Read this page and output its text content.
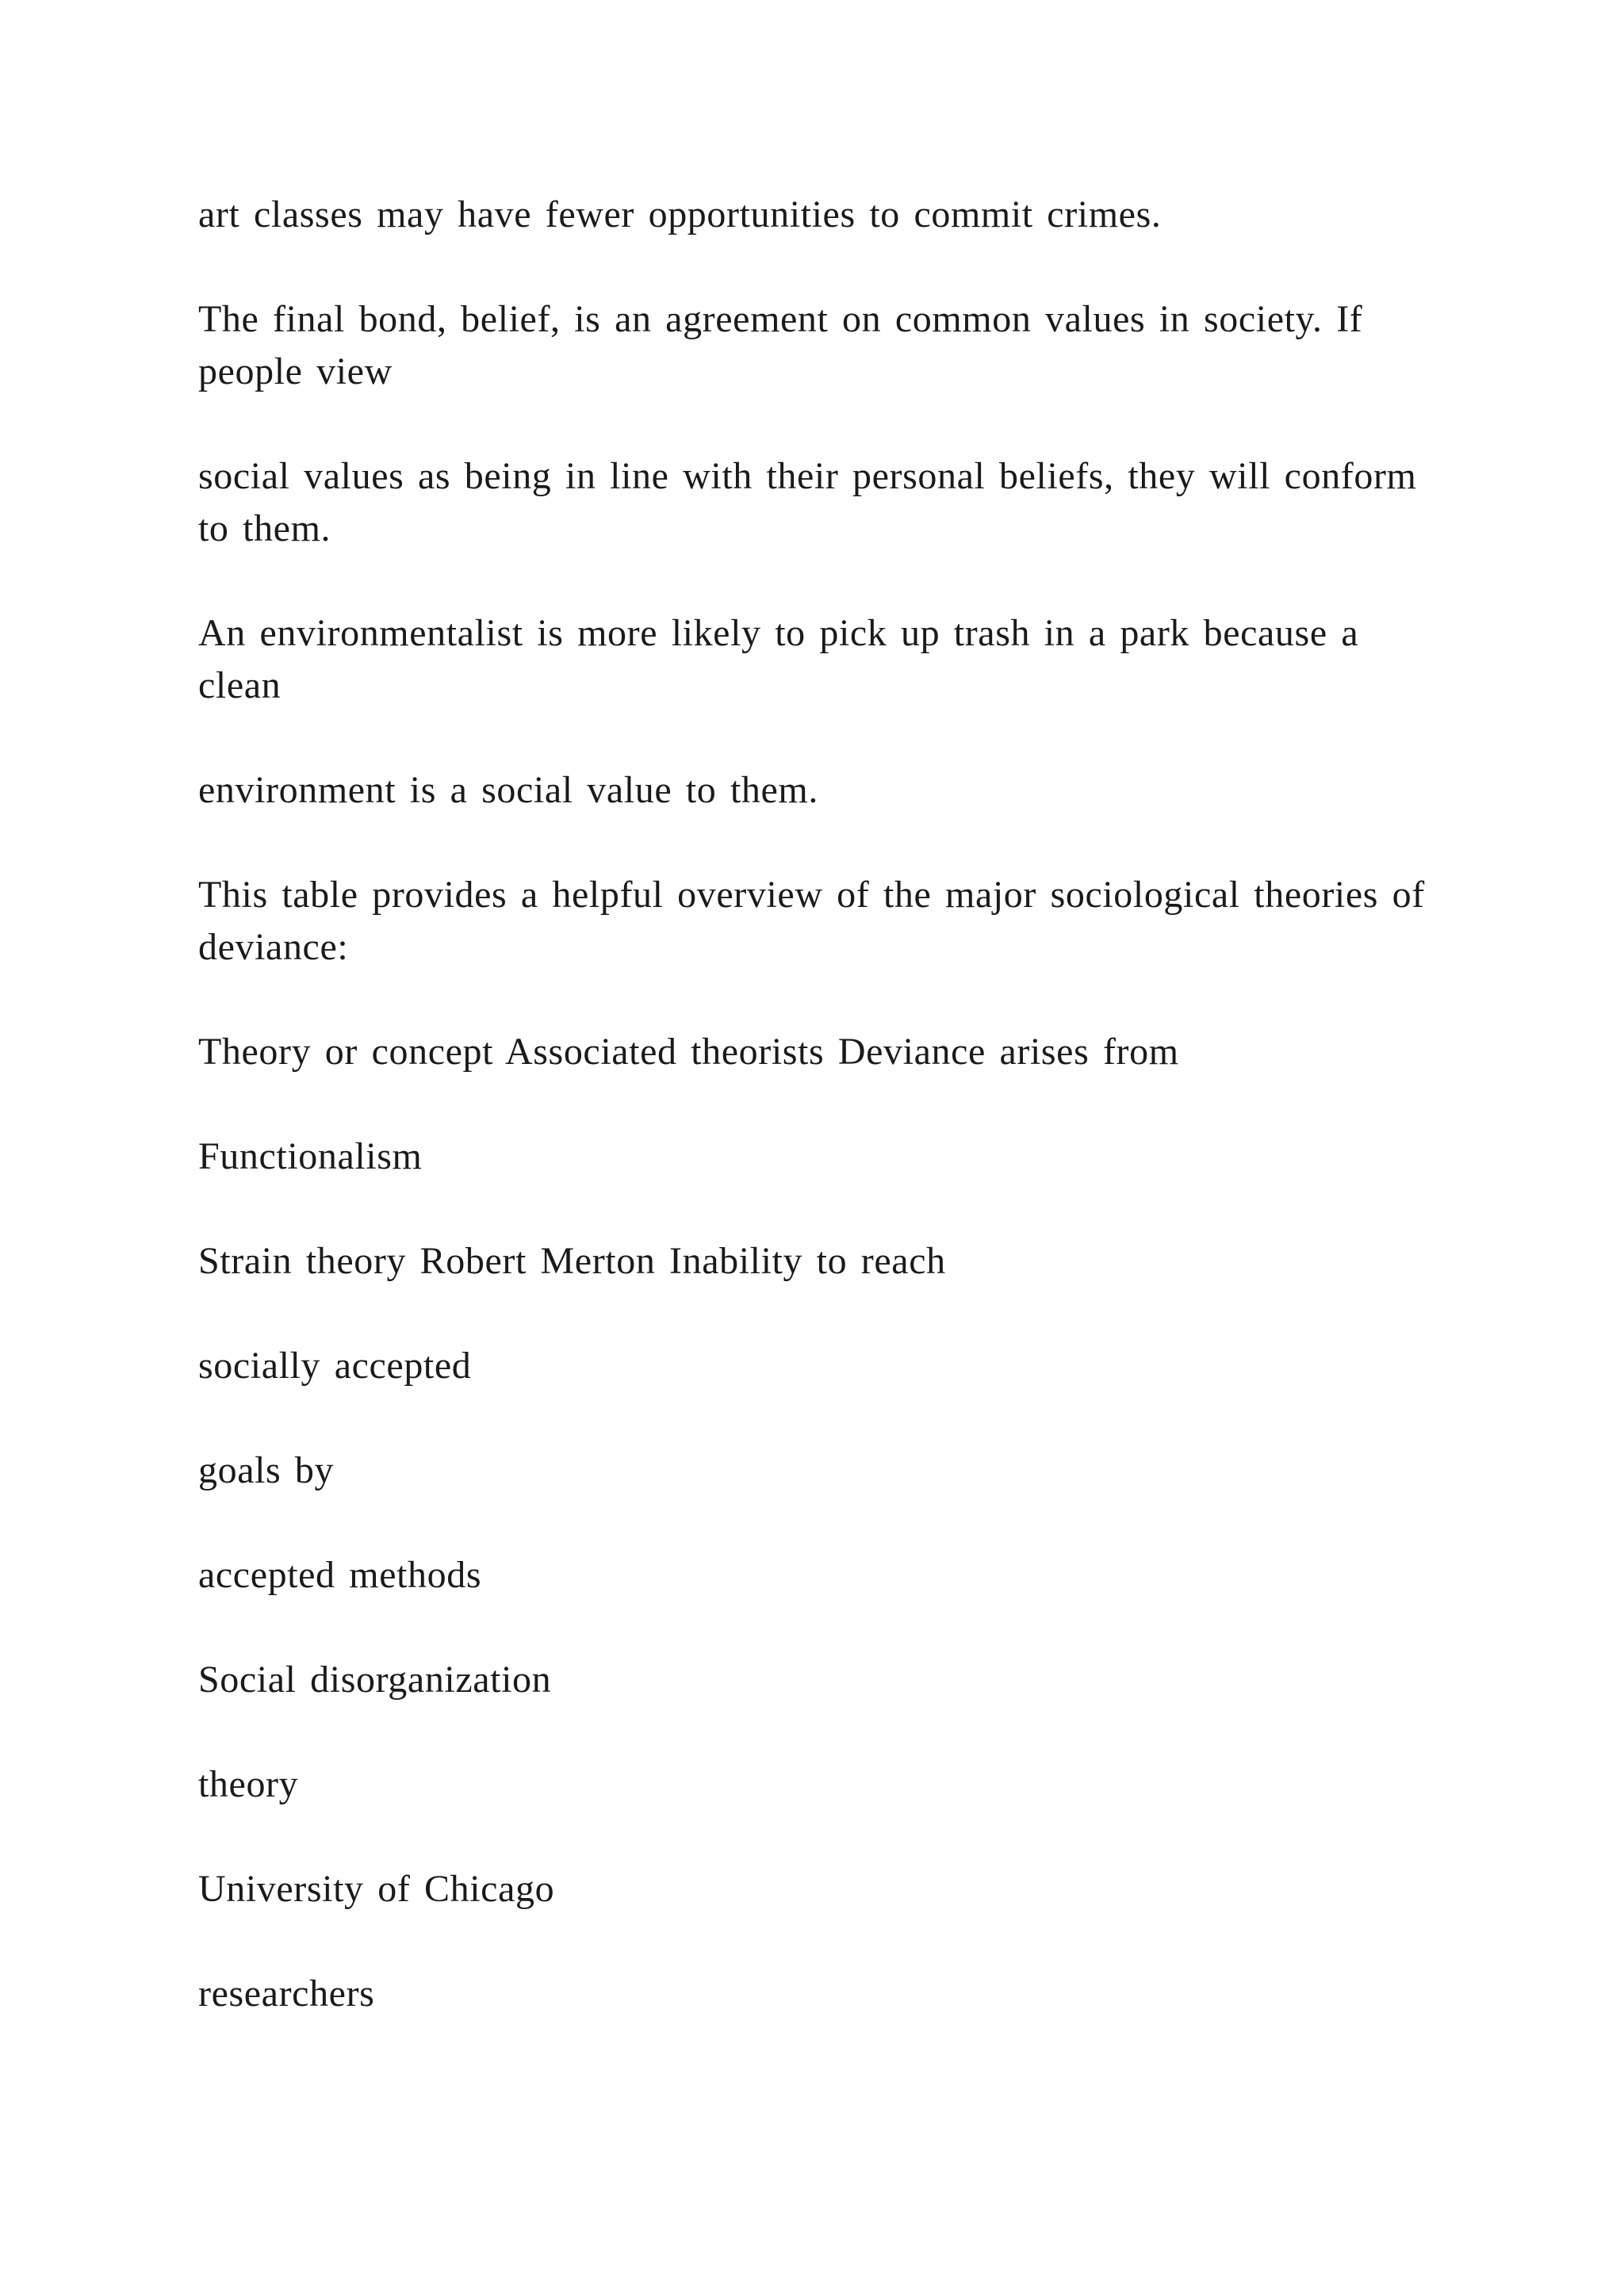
art classes may have fewer opportunities to commit crimes.

The final bond, belief, is an agreement on common values in society. If people view

social values as being in line with their personal beliefs, they will conform to them.

An environmentalist is more likely to pick up trash in a park because a clean

environment is a social value to them.

This table provides a helpful overview of the major sociological theories of deviance:

Theory or concept Associated theorists Deviance arises from

Functionalism

Strain theory Robert Merton Inability to reach

socially accepted

goals by

accepted methods

Social disorganization

theory

University of Chicago

researchers
